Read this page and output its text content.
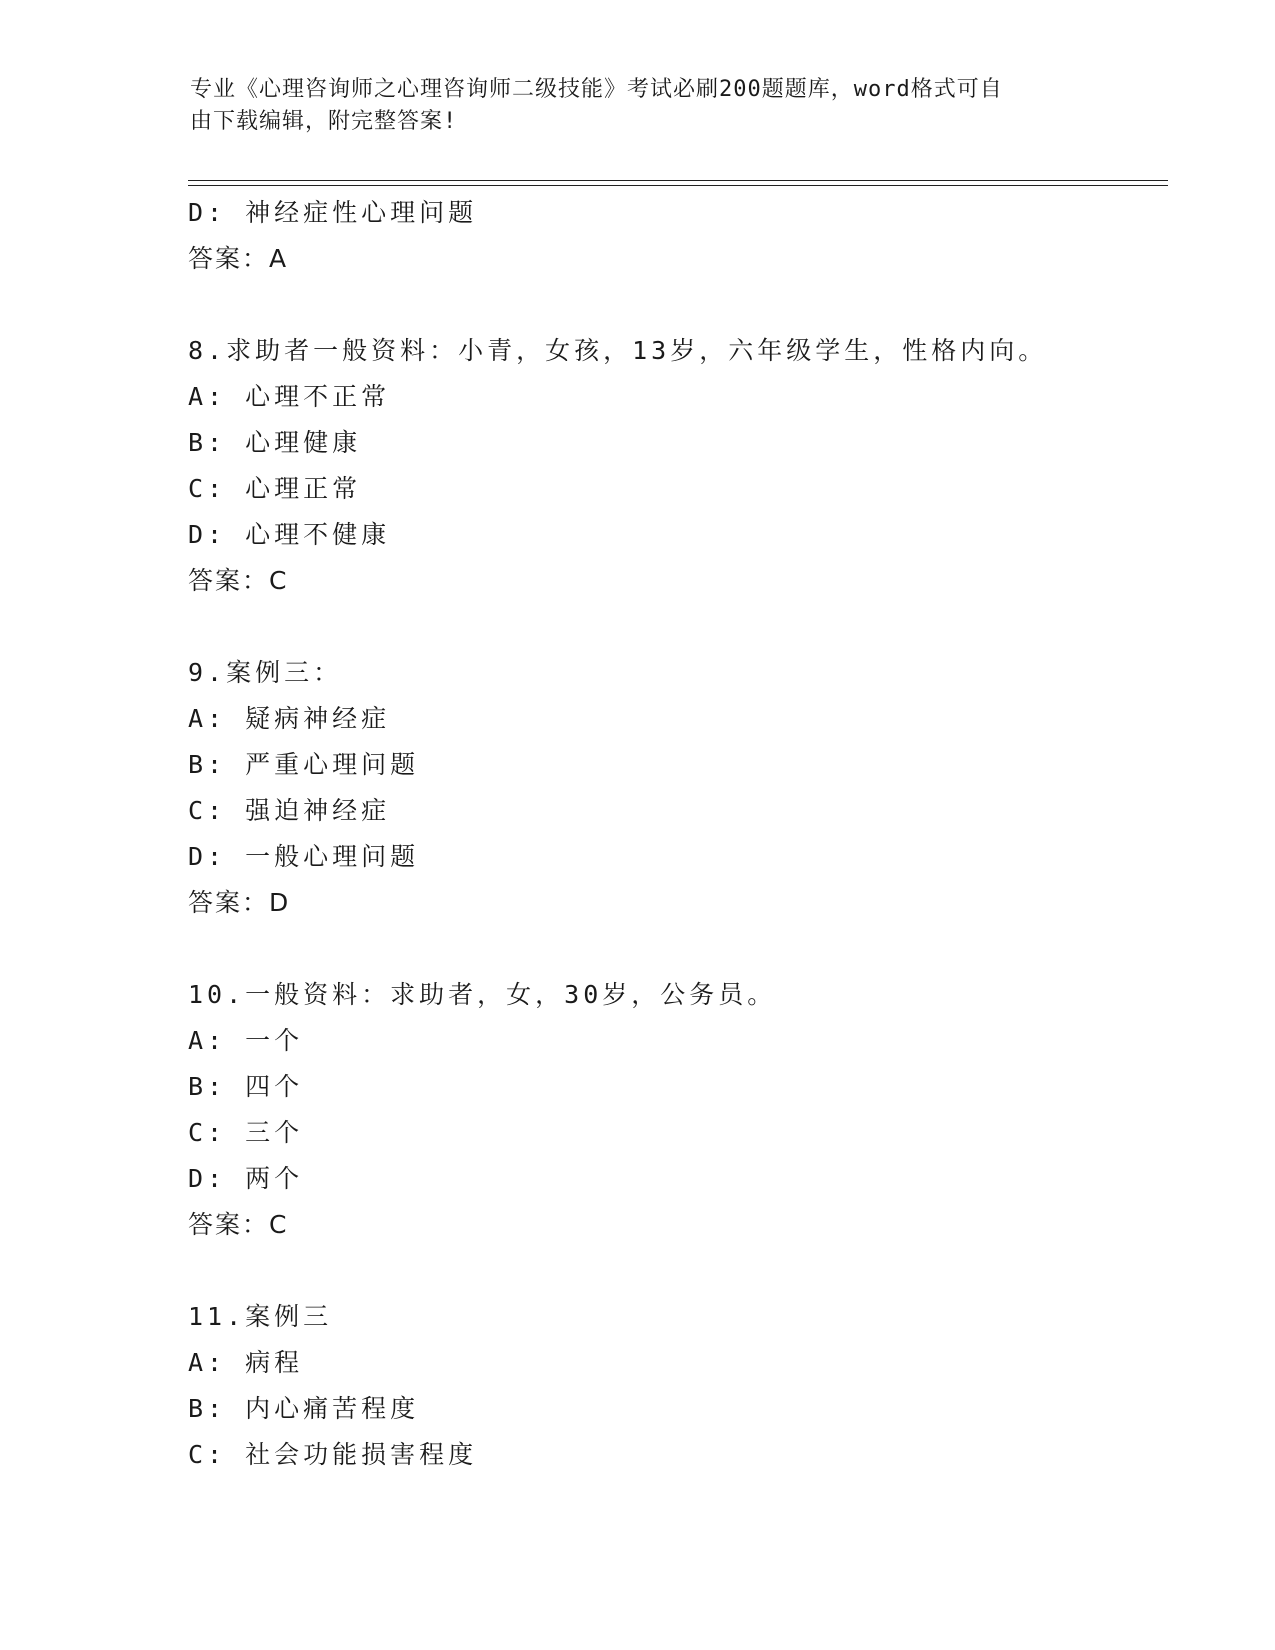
专业《心理咨询师之心理咨询师二级技能》考试必刷200题题库，word格式可自
由下载编辑，附完整答案!
D: 神经症性心理问题
答案：A
8.求助者一般资料：小青，女孩，13岁，六年级学生，性格内向。
A: 心理不正常
B: 心理健康
C: 心理正常
D: 心理不健康
答案：C
9.案例三：
A: 疑病神经症
B: 严重心理问题
C: 强迫神经症
D: 一般心理问题
答案：D
10.一般资料：求助者，女，30岁，公务员。
A: 一个
B: 四个
C: 三个
D: 两个
答案：C
11.案例三
A: 病程
B: 内心痛苦程度
C: 社会功能损害程度
